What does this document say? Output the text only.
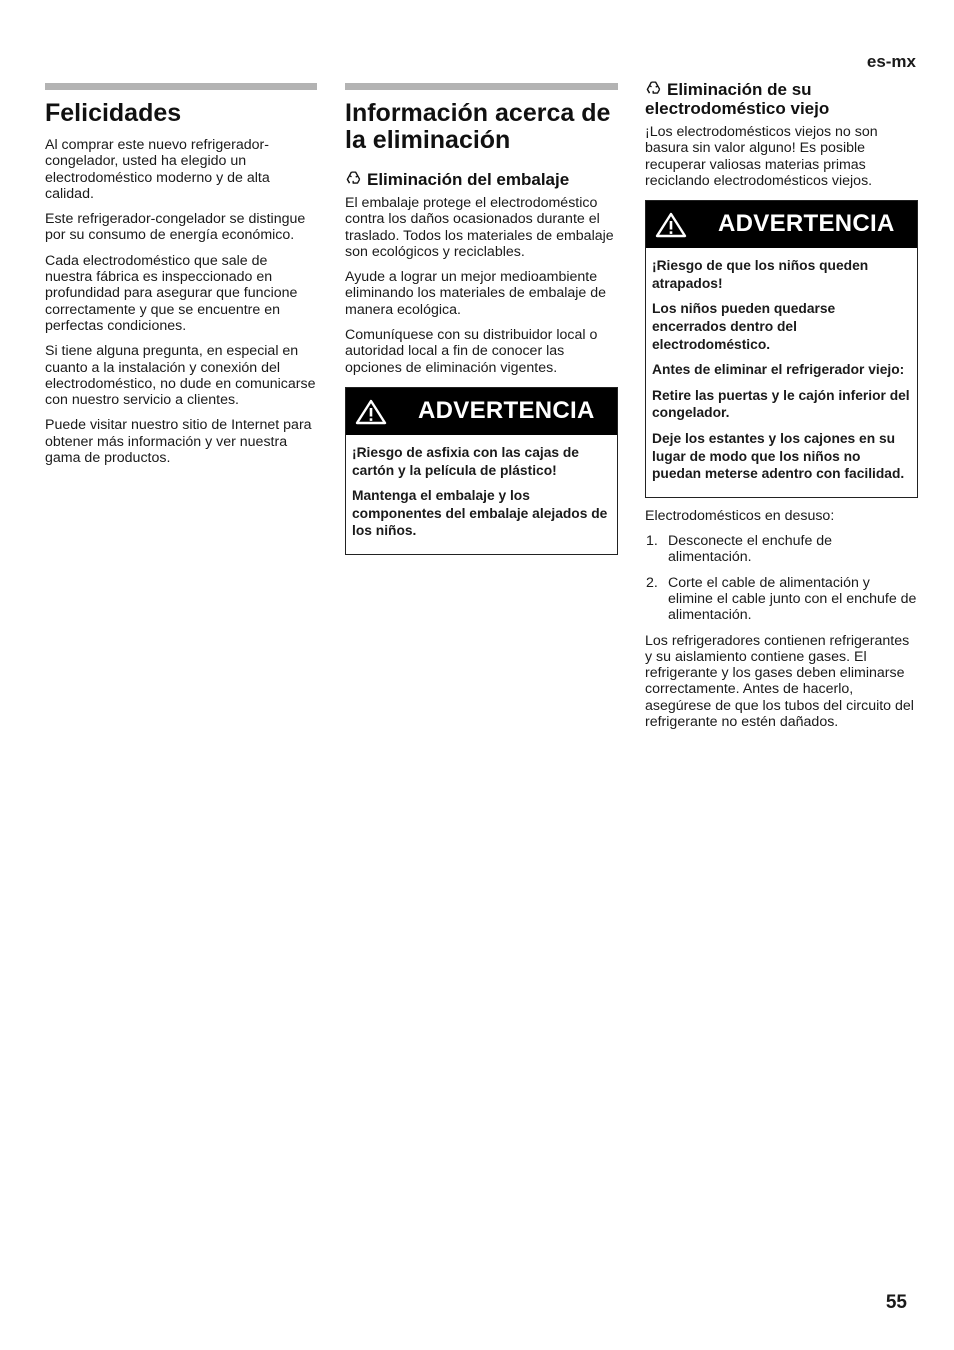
es-mx
Felicidades

Al comprar este nuevo refrigerador-congelador, usted ha elegido un electrodoméstico moderno y de alta calidad.

Este refrigerador-congelador se distingue por su consumo de energía económico.

Cada electrodoméstico que sale de nuestra fábrica es inspeccionado en profundidad para asegurar que funcione correctamente y que se encuentre en perfectas condiciones.

Si tiene alguna pregunta, en especial en cuanto a la instalación y conexión del electrodoméstico, no dude en comunicarse con nuestro servicio a clientes.

Puede visitar nuestro sitio de Internet para obtener más información y ver nuestra gama de productos.

Información acerca de la eliminación
Eliminación del embalaje

El embalaje protege el electrodoméstico contra los daños ocasionados durante el traslado. Todos los materiales de embalaje son ecológicos y reciclables.

Ayude a lograr un mejor medioambiente eliminando los materiales de embalaje de manera ecológica.

Comuníquese con su distribuidor local o autoridad local a fin de conocer las opciones de eliminación vigentes.

ADVERTENCIA

¡Riesgo de asfixia con las cajas de cartón y la película de plástico!

Mantenga el embalaje y los componentes del embalaje alejados de los niños.

Eliminación de su electrodoméstico viejo

¡Los electrodomésticos viejos no son basura sin valor alguno! Es posible recuperar valiosas materias primas reciclando electrodomésticos viejos.

ADVERTENCIA

¡Riesgo de que los niños queden atrapados!

Los niños pueden quedarse encerrados dentro del electrodoméstico.

Antes de eliminar el refrigerador viejo:

Retire las puertas y le cajón inferior del congelador.

Deje los estantes y los cajones en su lugar de modo que los niños no puedan meterse adentro con facilidad.

Electrodomésticos en desuso:

1. Desconecte el enchufe de alimentación.
2. Corte el cable de alimentación y elimine el cable junto con el enchufe de alimentación.

Los refrigeradores contienen refrigerantes y su aislamiento contiene gases. El refrigerante y los gases deben eliminarse correctamente. Antes de hacerlo, asegúrese de que los tubos del circuito del refrigerante no estén dañados.

55
